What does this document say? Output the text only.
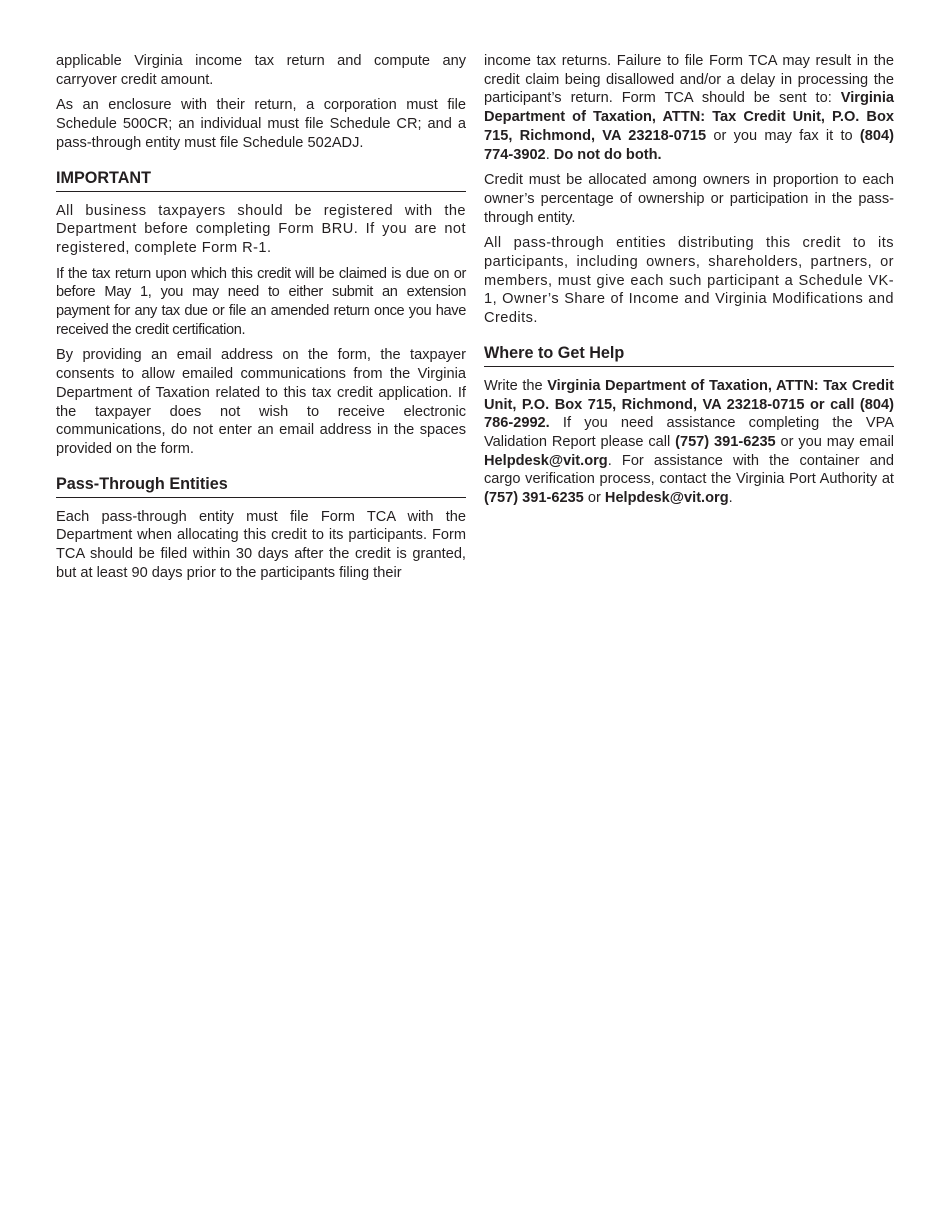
applicable Virginia income tax return and compute any carryover credit amount.

As an enclosure with their return, a corporation must file Schedule 500CR; an individual must file Schedule CR; and a pass-through entity must file Schedule 502ADJ.

IMPORTANT

All business taxpayers should be registered with the Department before completing Form BRU. If you are not registered, complete Form R-1.

If the tax return upon which this credit will be claimed is due on or before May 1, you may need to either submit an extension payment for any tax due or file an amended return once you have received the credit certification.

By providing an email address on the form, the taxpayer consents to allow emailed communications from the Virginia Department of Taxation related to this tax credit application. If the taxpayer does not wish to receive electronic communications, do not enter an email address in the spaces provided on the form.

Pass-Through Entities

Each pass-through entity must file Form TCA with the Department when allocating this credit to its participants. Form TCA should be filed within 30 days after the credit is granted, but at least 90 days prior to the participants filing their

income tax returns. Failure to file Form TCA may result in the credit claim being disallowed and/or a delay in processing the participant’s return. Form TCA should be sent to: Virginia Department of Taxation, ATTN: Tax Credit Unit, P.O. Box 715, Richmond, VA 23218-0715 or you may fax it to (804) 774-3902. Do not do both.

Credit must be allocated among owners in proportion to each owner’s percentage of ownership or participation in the pass-through entity.

All pass-through entities distributing this credit to its participants, including owners, shareholders, partners, or members, must give each such participant a Schedule VK-1, Owner’s Share of Income and Virginia Modifications and Credits.

Where to Get Help

Write the Virginia Department of Taxation, ATTN: Tax Credit Unit, P.O. Box 715, Richmond, VA 23218-0715 or call (804) 786-2992. If you need assistance completing the VPA Validation Report please call (757) 391-6235 or you may email Helpdesk@vit.org. For assistance with the container and cargo verification process, contact the Virginia Port Authority at (757) 391-6235 or Helpdesk@vit.org.
